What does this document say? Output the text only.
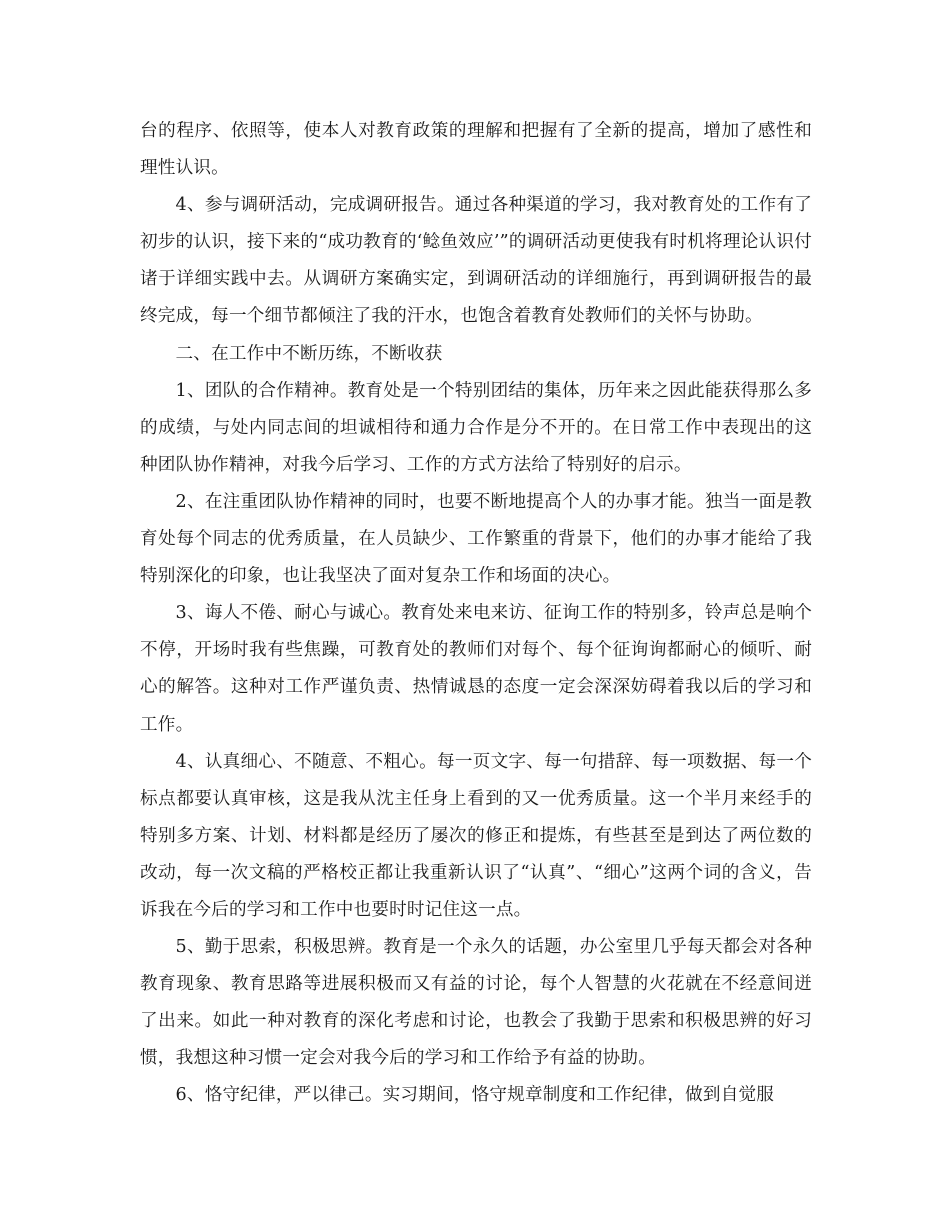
台的程序、依照等，使本人对教育政策的理解和把握有了全新的提高，增加了感性和理性认识。

4、参与调研活动，完成调研报告。通过各种渠道的学习，我对教育处的工作有了初步的认识，接下来的“成功教育的‘鲶鱼效应’”的调研活动更使我有时机将理论认识付诸于详细实践中去。从调研方案确实定，到调研活动的详细施行，再到调研报告的最终完成，每一个细节都倾注了我的汗水，也饱含着教育处教师们的关怀与协助。

二、在工作中不断历练，不断收获

1、团队的合作精神。教育处是一个特别团结的集体，历年来之因此能获得那么多的成绩，与处内同志间的坦诚相待和通力合作是分不开的。在日常工作中表现出的这种团队协作精神，对我今后学习、工作的方式方法给了特别好的启示。

2、在注重团队协作精神的同时，也要不断地提高个人的办事才能。独当一面是教育处每个同志的优秀质量，在人员缺少、工作繁重的背景下，他们的办事才能给了我特别深化的印象，也让我坚决了面对复杂工作和场面的决心。

3、诲人不倦、耐心与诚心。教育处来电来访、征询工作的特别多，铃声总是响个不停，开场时我有些焦躁，可教育处的教师们对每个、每个征询询都耐心的倾听、耐心的解答。这种对工作严谨负责、热情诚恳的态度一定会深深妨碍着我以后的学习和工作。

4、认真细心、不随意、不粗心。每一页文字、每一句措辞、每一项数据、每一个标点都要认真审核，这是我从沈主任身上看到的又一优秀质量。这一个半月来经手的特别多方案、计划、材料都是经历了屡次的修正和提炼，有些甚至是到达了两位数的改动，每一次文稿的严格校正都让我重新认识了“认真”、“细心”这两个词的含义，告诉我在今后的学习和工作中也要时时记住这一点。

5、勤于思索，积极思辨。教育是一个永久的话题，办公室里几乎每天都会对各种教育现象、教育思路等进展积极而又有益的讨论，每个人智慧的火花就在不经意间迸了出来。如此一种对教育的深化考虑和讨论，也教会了我勤于思索和积极思辨的好习惯，我想这种习惯一定会对我今后的学习和工作给予有益的协助。

6、恪守纪律，严以律己。实习期间，恪守规章制度和工作纪律，做到自觉服
